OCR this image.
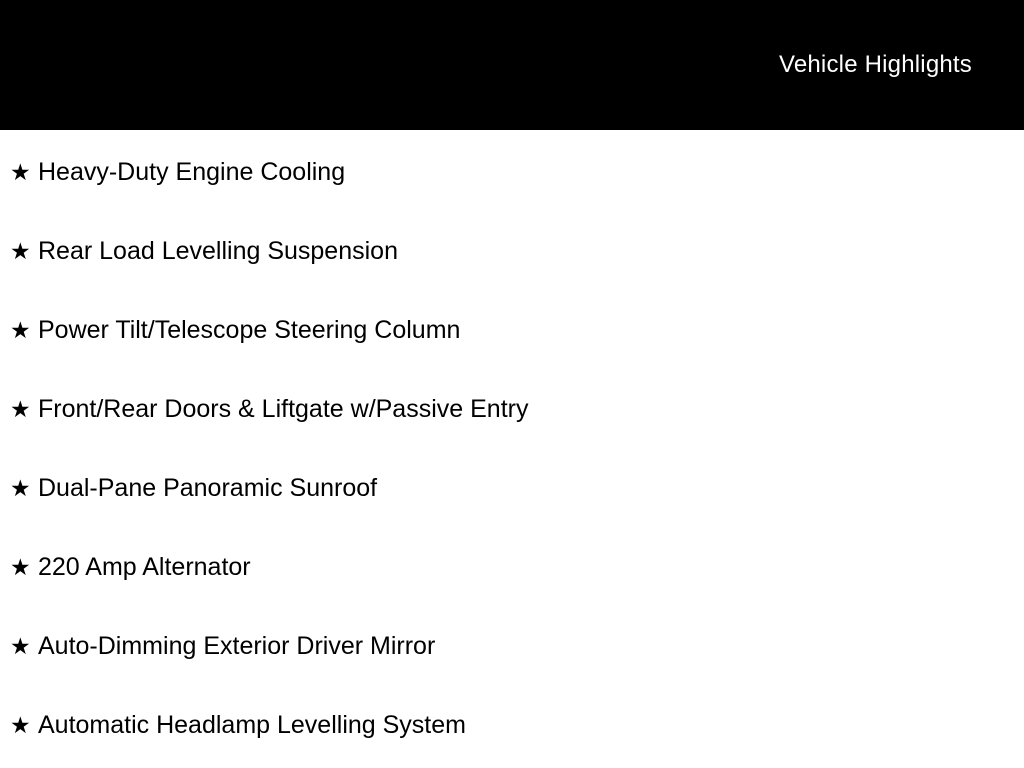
Vehicle Highlights
★ Heavy-Duty Engine Cooling
★ Rear Load Levelling Suspension
★ Power Tilt/Telescope Steering Column
★ Front/Rear Doors & Liftgate w/Passive Entry
★ Dual-Pane Panoramic Sunroof
★ 220 Amp Alternator
★ Auto-Dimming Exterior Driver Mirror
★ Automatic Headlamp Levelling System
